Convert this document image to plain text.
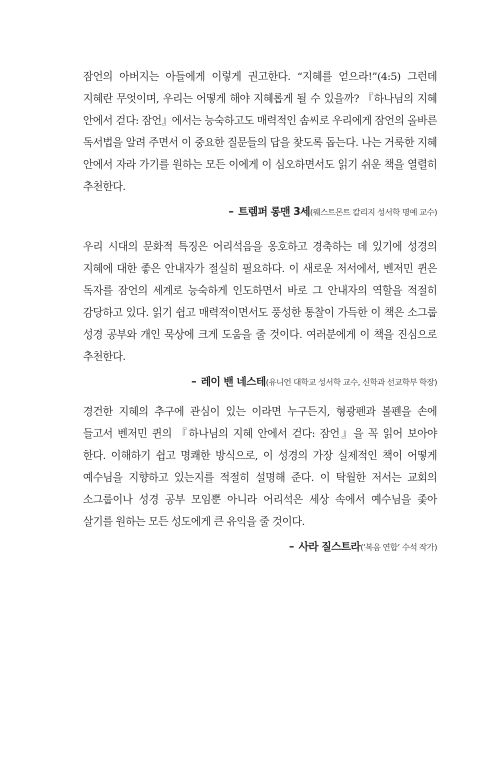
잠언의 아버지는 아들에게 이렇게 권고한다. “지혜를 얻으라!”(4:5) 그런데 지혜란 무엇이며, 우리는 어떻게 해야 지혜롭게 될 수 있을까? 『하나님의 지혜 안에서 걷다: 잠언』에서는 능숙하고도 매력적인 솜씨로 우리에게 잠언의 올바른 독서법을 알려 주면서 이 중요한 질문들의 답을 찾도록 돕는다. 나는 거룩한 지혜 안에서 자라 가기를 원하는 모든 이에게 이 심오하면서도 읽기 쉬운 책을 열렬히 추천한다.

– 트렘퍼 롱맨 3세(웨스트몬트 칼리지 성서학 명예 교수)

우리 시대의 문화적 특징은 어리석음을 옹호하고 경축하는 데 있기에 성경의 지혜에 대한 좋은 안내자가 절실히 필요하다. 이 새로운 저서에서, 벤저민 퀸은 독자를 잠언의 세계로 능숙하게 인도하면서 바로 그 안내자의 역할을 적절히 감당하고 있다. 읽기 쉽고 매력적이면서도 풍성한 통찰이 가득한 이 책은 소그룹 성경 공부와 개인 묵상에 크게 도움을 줄 것이다. 여러분에게 이 책을 진심으로 추천한다.

– 레이 밴 네스테(유니언 대학교 성서학 교수, 신학과 선교학부 학장)

경건한 지혜의 추구에 관심이 있는 이라면 누구든지, 형광펜과 볼펜을 손에 들고서 벤저민 퀸의 『하나님의 지혜 안에서 걷다: 잠언』을 꼭 읽어 보아야 한다. 이해하기 쉽고 명쾌한 방식으로, 이 성경의 가장 실제적인 책이 어떻게 예수님을 지향하고 있는지를 적절히 설명해 준다. 이 탁월한 저서는 교회의 소그룹이나 성경 공부 모임뿐 아니라 어리석은 세상 속에서 예수님을 좇아 살기를 원하는 모든 성도에게 큰 유익을 줄 것이다.

– 사라 질스트라(‘복음 연합’ 수석 작가)
